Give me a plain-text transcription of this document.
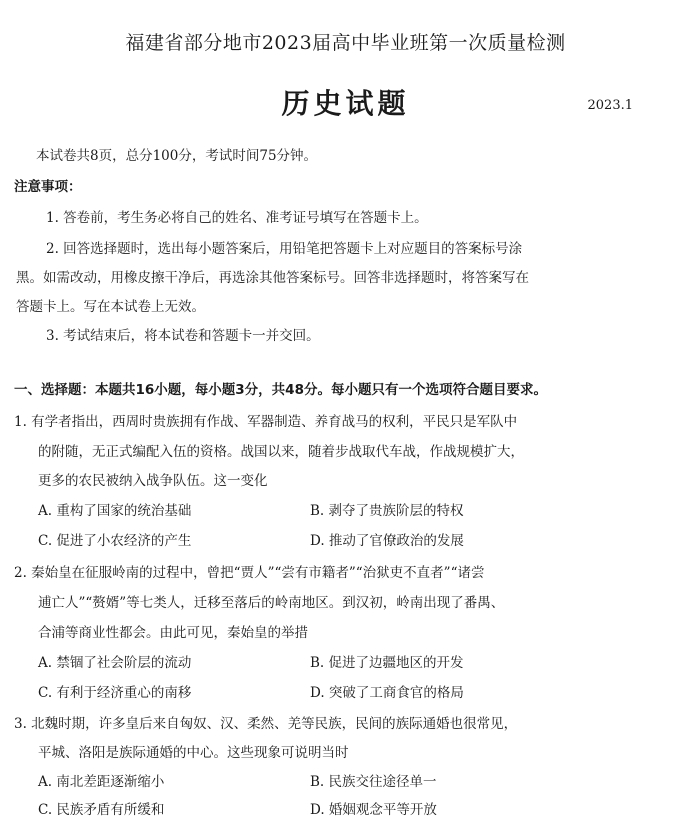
福建省部分地市2023届高中毕业班第一次质量检测
历史试题	2023.1
本试卷共8页，总分100分，考试时间75分钟。
注意事项：
1. 答卷前，考生务必将自己的姓名、准考证号填写在答题卡上。
2. 回答选择题时，选出每小题答案后，用铅笔把答题卡上对应题目的答案标号涂
黑。如需改动，用橡皮擦干净后，再选涂其他答案标号。回答非选择题时，将答案写在
答题卡上。写在本试卷上无效。
3. 考试结束后，将本试卷和答题卡一并交回。
一、选择题：本题共16小题，每小题3分，共48分。每小题只有一个选项符合题目要求。
1. 有学者指出，西周时贵族拥有作战、军器制造、养育战马的权利，平民只是军队中
的附随，无正式编配入伍的资格。战国以来，随着步战取代车战，作战规模扩大，
更多的农民被纳入战争队伍。这一变化
A. 重构了国家的统治基础	B. 剥夺了贵族阶层的特权
C. 促进了小农经济的产生	D. 推动了官僚政治的发展
2. 秦始皇在征服岭南的过程中，曾把“贾人”“尝有市籍者”“治狱吏不直者”“诸尝
逋亡人”“赘婿”等七类人，迁移至落后的岭南地区。到汉初，岭南出现了番禺、
合浦等商业性都会。由此可见，秦始皇的举措
A. 禁锢了社会阶层的流动	B. 促进了边疆地区的开发
C. 有利于经济重心的南移	D. 突破了工商食官的格局
3. 北魏时期，许多皇后来自匈奴、汉、柔然、羌等民族，民间的族际通婚也很常见，
平城、洛阳是族际通婚的中心。这些现象可说明当时
A. 南北差距逐渐缩小	B. 民族交往途径单一
C. 民族矛盾有所缓和	D. 婚姻观念平等开放
